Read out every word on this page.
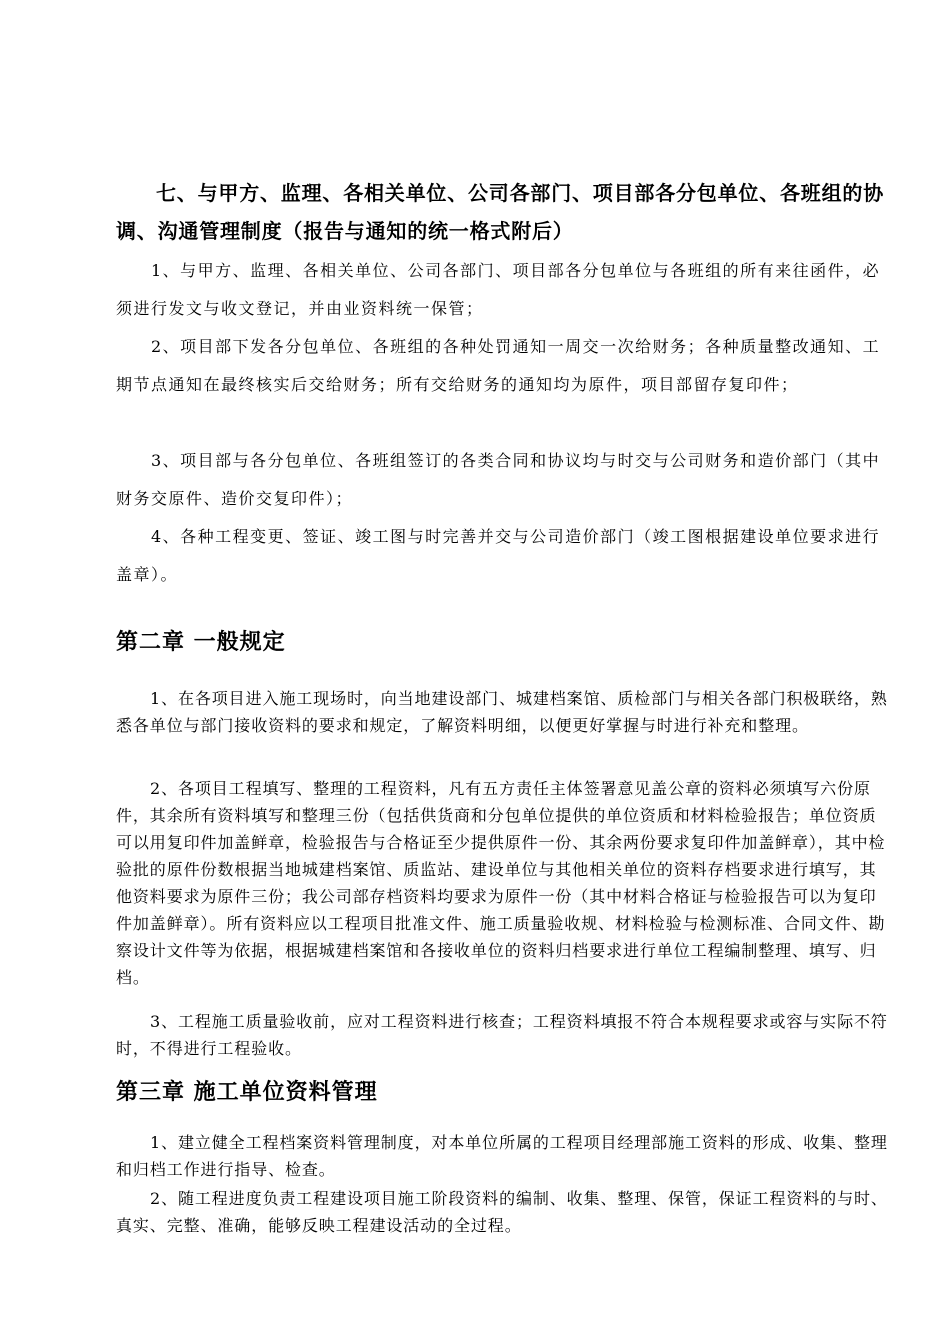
七、与甲方、监理、各相关单位、公司各部门、项目部各分包单位、各班组的协调、沟通管理制度（报告与通知的统一格式附后）

1、与甲方、监理、各相关单位、公司各部门、项目部各分包单位与各班组的所有来往函件，必须进行发文与收文登记，并由业资料统一保管；

2、项目部下发各分包单位、各班组的各种处罚通知一周交一次给财务；各种质量整改通知、工期节点通知在最终核实后交给财务；所有交给财务的通知均为原件，项目部留存复印件；

3、项目部与各分包单位、各班组签订的各类合同和协议均与时交与公司财务和造价部门（其中财务交原件、造价交复印件）；

4、各种工程变更、签证、竣工图与时完善并交与公司造价部门（竣工图根据建设单位要求进行盖章）。

第二章 一般规定

1、在各项目进入施工现场时，向当地建设部门、城建档案馆、质检部门与相关各部门积极联络，熟悉各单位与部门接收资料的要求和规定，了解资料明细，以便更好掌握与时进行补充和整理。

2、各项目工程填写、整理的工程资料，凡有五方责任主体签署意见盖公章的资料必须填写六份原件，其余所有资料填写和整理三份（包括供货商和分包单位提供的单位资质和材料检验报告；单位资质可以用复印件加盖鲜章，检验报告与合格证至少提供原件一份、其余两份要求复印件加盖鲜章），其中检验批的原件份数根据当地城建档案馆、质监站、建设单位与其他相关单位的资料存档要求进行填写，其他资料要求为原件三份；我公司部存档资料均要求为原件一份（其中材料合格证与检验报告可以为复印件加盖鲜章）。所有资料应以工程项目批准文件、施工质量验收规、材料检验与检测标准、合同文件、勘察设计文件等为依据，根据城建档案馆和各接收单位的资料归档要求进行单位工程编制整理、填写、归档。

3、工程施工质量验收前，应对工程资料进行核查；工程资料填报不符合本规程要求或容与实际不符时，不得进行工程验收。

第三章 施工单位资料管理

1、建立健全工程档案资料管理制度，对本单位所属的工程项目经理部施工资料的形成、收集、整理和归档工作进行指导、检查。

2、随工程进度负责工程建设项目施工阶段资料的编制、收集、整理、保管，保证工程资料的与时、真实、完整、准确，能够反映工程建设活动的全过程。
